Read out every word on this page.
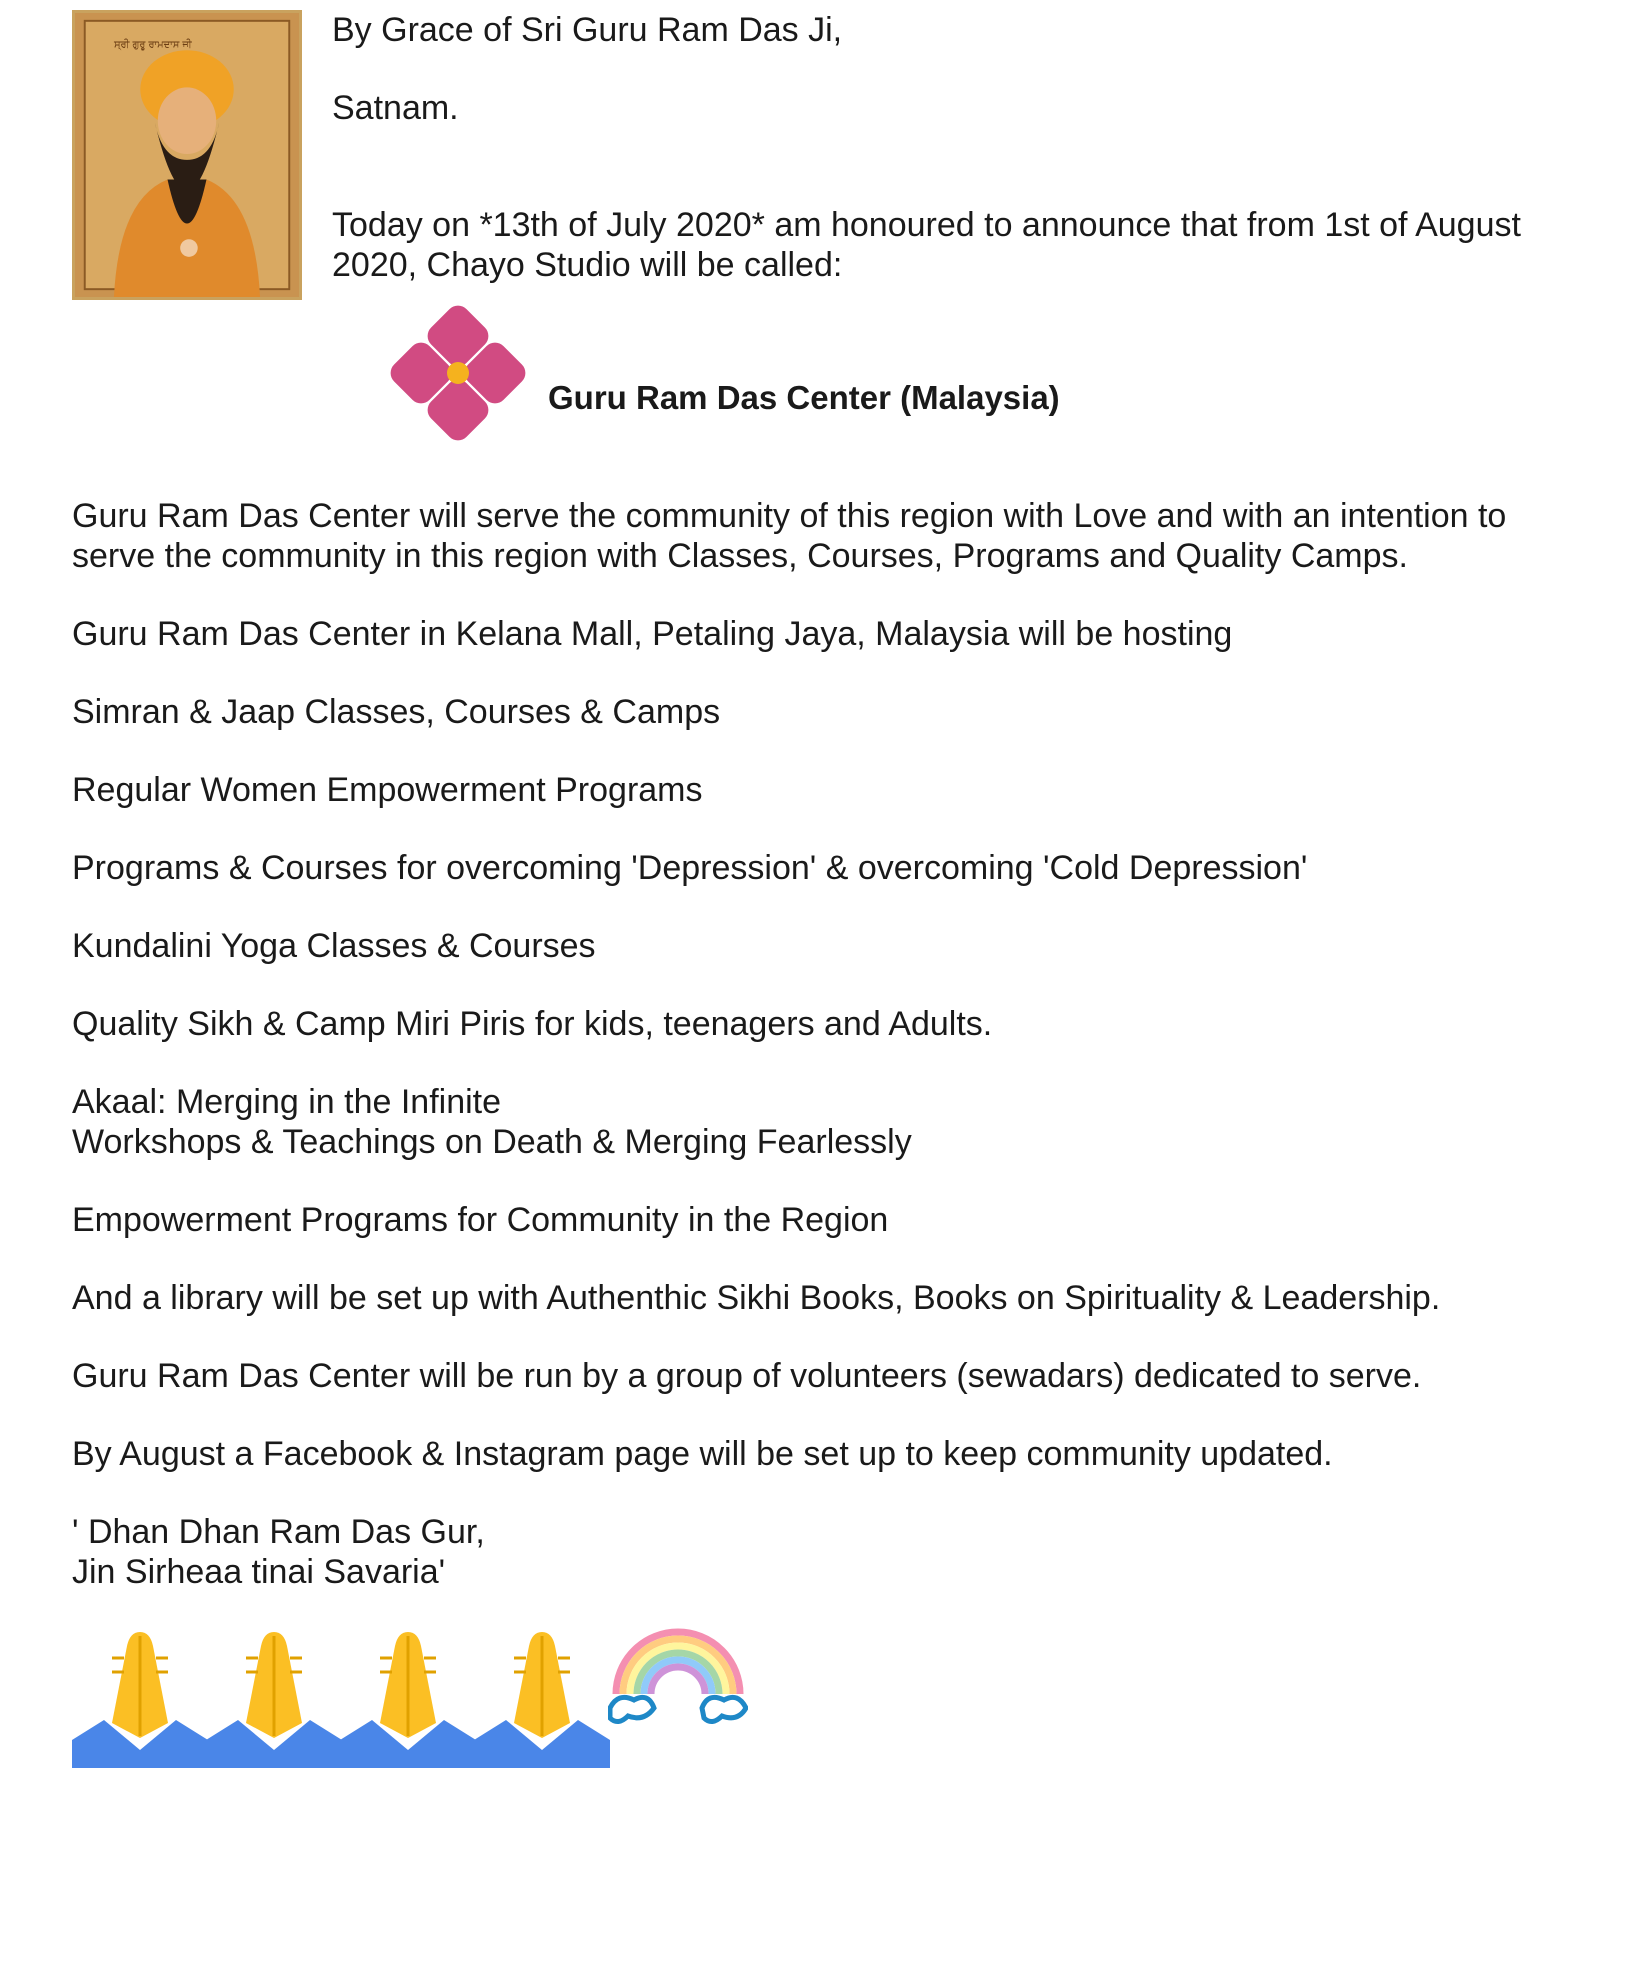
ਸ੍ਰੀ ਗੁਰੂ ਰਾਮਦਾਸ ਜੀ	By Grace of Sri Guru Ram Das Ji,

Satnam.

Today on *13th of July 2020* am honoured to announce that from 1st of August

2020, Chayo Studio will be called:

Guru Ram Das Center (Malaysia)

Guru Ram Das Center will serve the community of this region with Love and with an intention to

serve the community in this region with Classes, Courses, Programs and Quality Camps.

Guru Ram Das Center in Kelana Mall, Petaling Jaya, Malaysia will be hosting

Simran & Jaap Classes, Courses & Camps

Regular Women Empowerment Programs

Programs & Courses for overcoming 'Depression' & overcoming 'Cold Depression'

Kundalini Yoga Classes & Courses

Quality Sikh & Camp Miri Piris for kids, teenagers and Adults.

Akaal: Merging in the Infinite

Workshops & Teachings on Death & Merging Fearlessly

Empowerment Programs for Community in the Region

And a library will be set up with Authenthic Sikhi Books, Books on Spirituality & Leadership.

Guru Ram Das Center will be run by a group of volunteers (sewadars) dedicated to serve.

By August a Facebook & Instagram page will be set up to keep community updated.

' Dhan Dhan Ram Das Gur,

Jin Sirheaa tinai Savaria'
